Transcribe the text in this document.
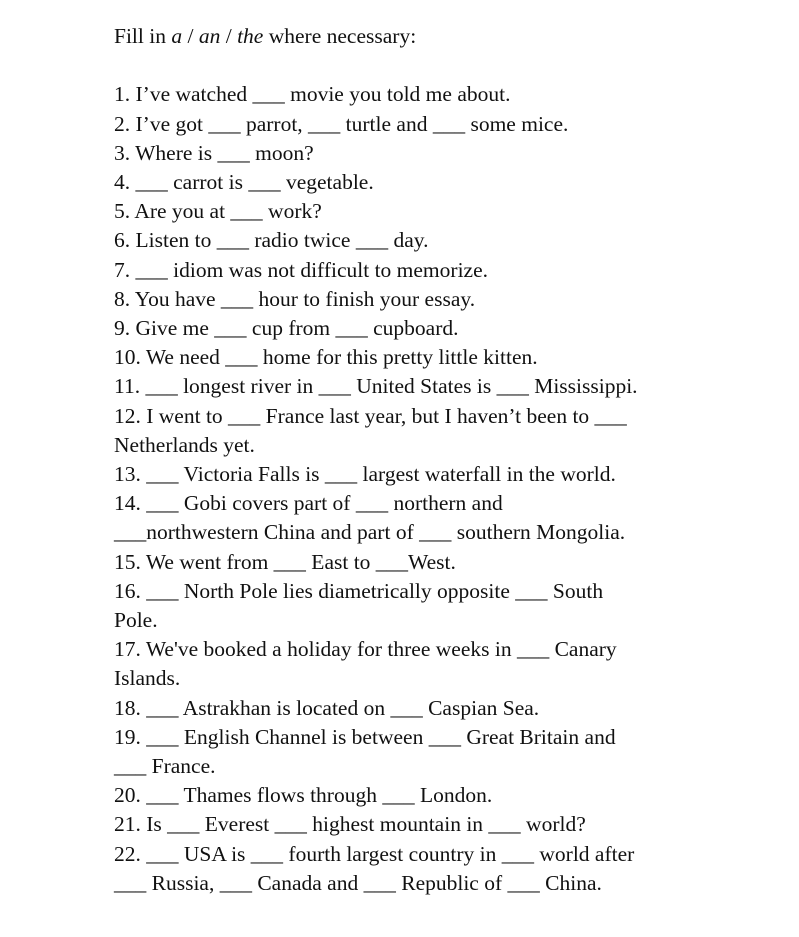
Fill in a / an / the where necessary:

1. I’ve watched ___ movie you told me about.

2. I’ve got ___ parrot, ___ turtle and ___ some mice.

3. Where is ___ moon?

4. ___ carrot is ___ vegetable.

5. Are you at ___ work?

6. Listen to ___ radio twice ___ day.

7. ___ idiom was not difficult to memorize.

8. You have ___ hour to finish your essay.

9. Give me ___ cup from ___ cupboard.

10. We need ___ home for this pretty little kitten.

11. ___ longest river in ___ United States is ___ Mississippi.

12. I went to ___ France last year, but I haven’t been to ___

Netherlands yet.

13. ___ Victoria Falls is ___ largest waterfall in the world.

14. ___ Gobi covers part of ___ northern and

___northwestern China and part of ___ southern Mongolia.

15. We went from ___ East to ___West.

16. ___ North Pole lies diametrically opposite ___ South

Pole.

17. We've booked a holiday for three weeks in ___ Canary

Islands.

18. ___ Astrakhan is located on ___ Caspian Sea.

19. ___ English Channel is between ___ Great Britain and

___ France.

20. ___ Thames flows through ___ London.

21. Is ___ Everest ___ highest mountain in ___ world?

22. ___ USA is ___ fourth largest country in ___ world after

___ Russia, ___ Canada and ___ Republic of ___ China.
